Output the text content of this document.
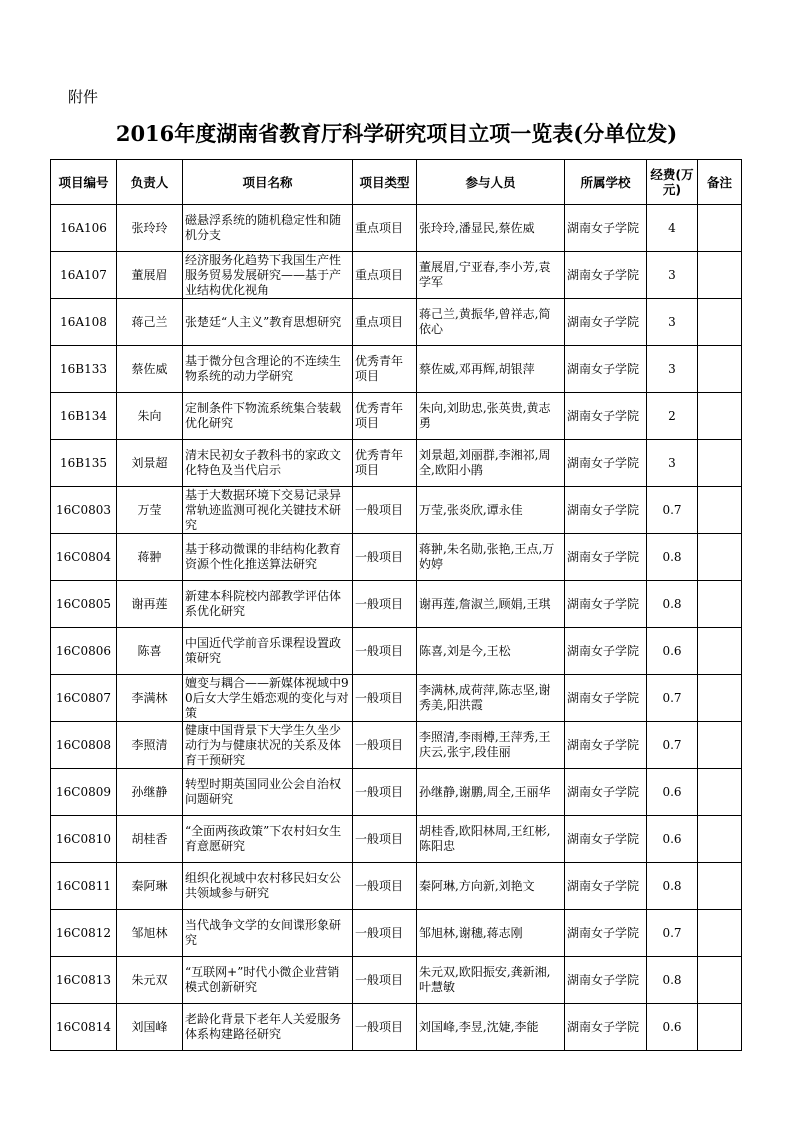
附件
2016年度湖南省教育厅科学研究项目立项一览表(分单位发)
项目编号	负责人	项目名称	项目类型	参与人员	所属学校	经费(万元)	备注
16A106	张玲玲	磁悬浮系统的随机稳定性和随机分支	重点项目	张玲玲,潘显民,蔡佐威	湖南女子学院	4	
16A107	董展眉	经济服务化趋势下我国生产性服务贸易发展研究——基于产业结构优化视角	重点项目	董展眉,宁亚春,李小芳,袁学军	湖南女子学院	3	
16A108	蒋己兰	张楚廷“人主义”教育思想研究	重点项目	蒋己兰,黄振华,曾祥志,简依心	湖南女子学院	3	
16B133	蔡佐威	基于微分包含理论的不连续生物系统的动力学研究	优秀青年项目	蔡佐威,邓再辉,胡银萍	湖南女子学院	3	
16B134	朱向	定制条件下物流系统集合装载优化研究	优秀青年项目	朱向,刘助忠,张英贵,黄志勇	湖南女子学院	2	
16B135	刘景超	清末民初女子教科书的家政文化特色及当代启示	优秀青年项目	刘景超,刘丽群,李湘祁,周全,欧阳小鹃	湖南女子学院	3	
16C0803	万莹	基于大数据环境下交易记录异常轨迹监测可视化关键技术研究	一般项目	万莹,张炎欣,谭永佳	湖南女子学院	0.7	
16C0804	蒋翀	基于移动微课的非结构化教育资源个性化推送算法研究	一般项目	蒋翀,朱名勋,张艳,王点,万妁婷	湖南女子学院	0.8	
16C0805	谢再莲	新建本科院校内部教学评估体系优化研究	一般项目	谢再莲,詹淑兰,顾娟,王琪	湖南女子学院	0.8	
16C0806	陈喜	中国近代学前音乐课程设置政策研究	一般项目	陈喜,刘是今,王松	湖南女子学院	0.6	
16C0807	李满林	嬗变与耦合——新媒体视域中90后女大学生婚恋观的变化与对策	一般项目	李满林,成荷萍,陈志坚,谢秀美,阳洪霞	湖南女子学院	0.7	
16C0808	李照清	健康中国背景下大学生久坐少动行为与健康状况的关系及体育干预研究	一般项目	李照清,李雨樽,王萍秀,王庆云,张宇,段佳丽	湖南女子学院	0.7	
16C0809	孙继静	转型时期英国同业公会自治权问题研究	一般项目	孙继静,谢鹏,周全,王丽华	湖南女子学院	0.6	
16C0810	胡桂香	“全面两孩政策”下农村妇女生育意愿研究	一般项目	胡桂香,欧阳林周,王红彬,陈阳忠	湖南女子学院	0.6	
16C0811	秦阿琳	组织化视域中农村移民妇女公共领域参与研究	一般项目	秦阿琳,方向新,刘艳文	湖南女子学院	0.8	
16C0812	邹旭林	当代战争文学的女间谍形象研究	一般项目	邹旭林,谢穗,蒋志刚	湖南女子学院	0.7	
16C0813	朱元双	“互联网+”时代小微企业营销模式创新研究	一般项目	朱元双,欧阳振安,龚新湘,叶慧敏	湖南女子学院	0.8	
16C0814	刘国峰	老龄化背景下老年人关爱服务体系构建路径研究	一般项目	刘国峰,李昱,沈婕,李能	湖南女子学院	0.6	
